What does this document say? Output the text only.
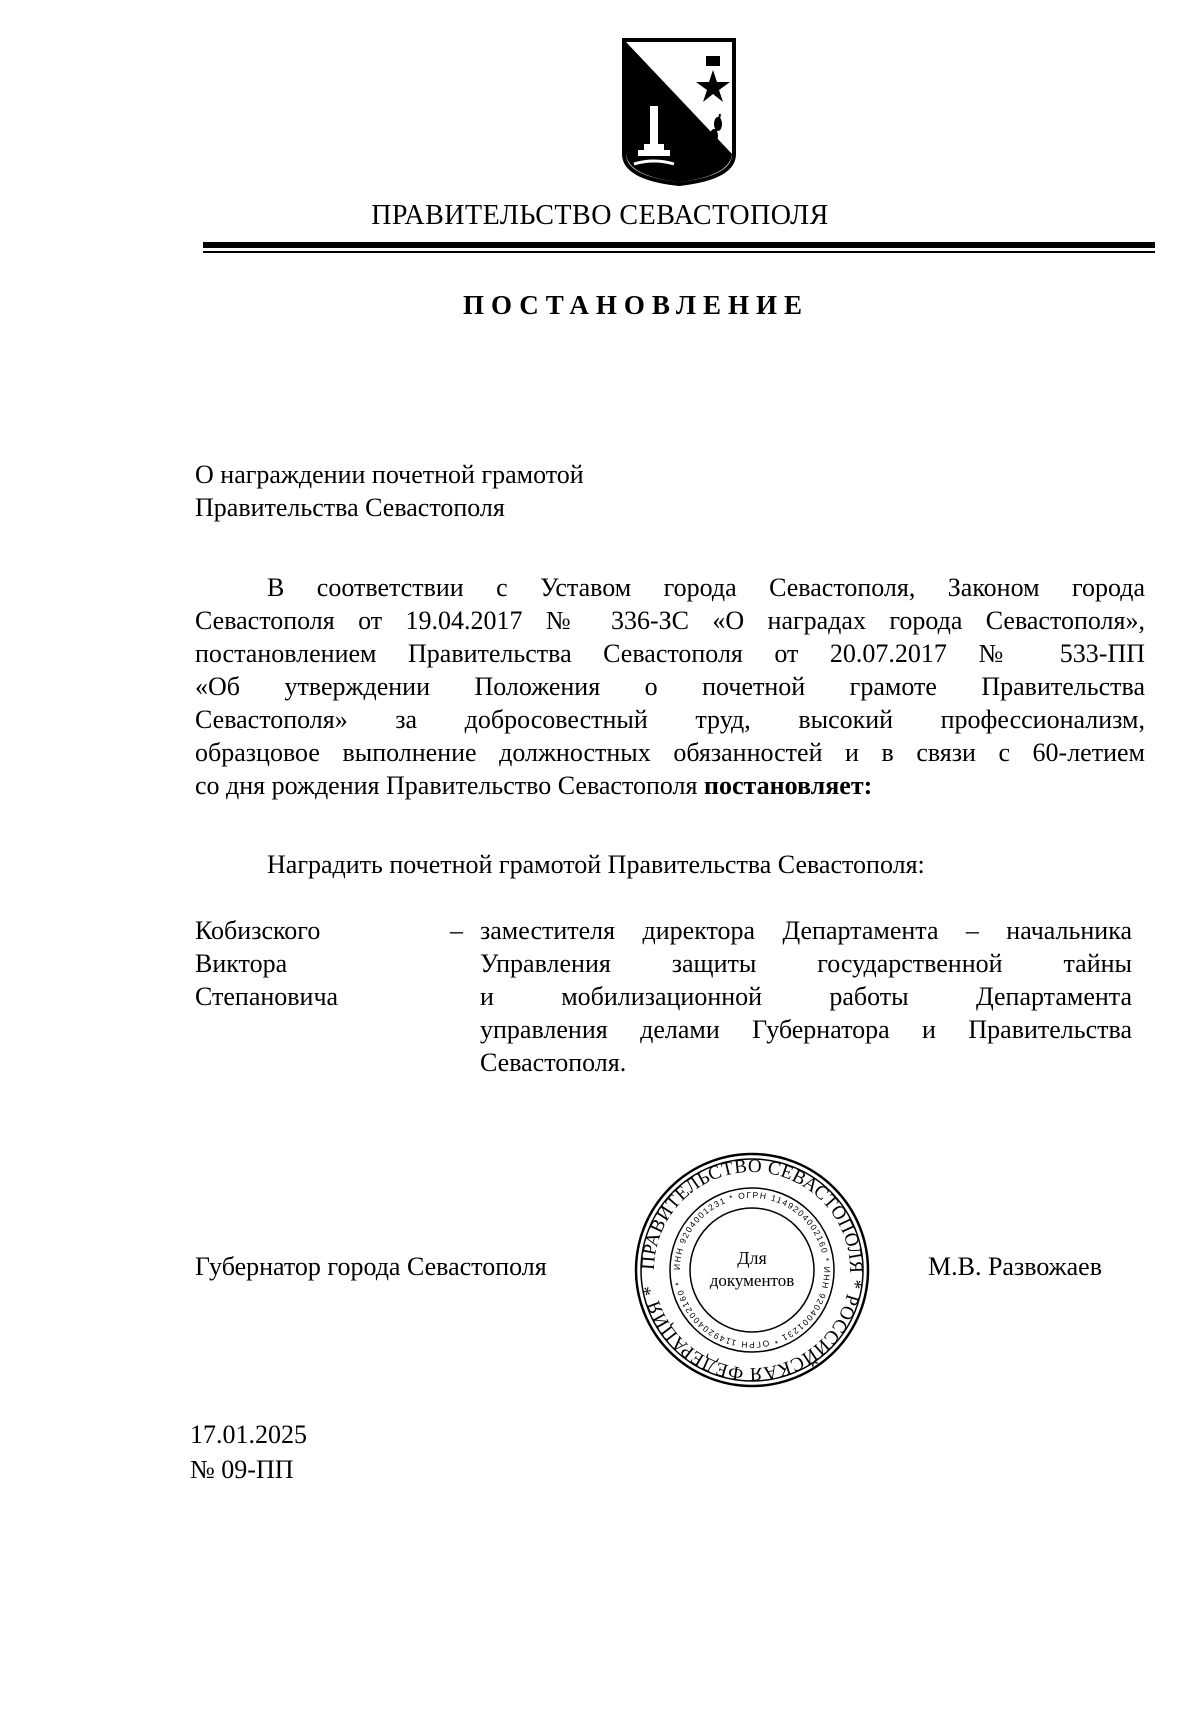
ПРАВИТЕЛЬСТВО СЕВАСТОПОЛЯ
ПОСТАНОВЛЕНИЕ
О награждении почетной грамотой
Правительства Севастополя
В соответствии с Уставом города Севастополя, Законом города
Севастополя от 19.04.2017 № 336-ЗС «О наградах города Севастополя»,
постановлением Правительства Севастополя от 20.07.2017 № 533-ПП
«Об утверждении Положения о почетной грамоте Правительства
Севастополя» за добросовестный труд, высокий профессионализм,
образцовое выполнение должностных обязанностей и в связи с 60-летием
со дня рождения Правительство Севастополя постановляет:
Наградить почетной грамотой Правительства Севастополя:
Кобизского
Виктора
Степановича
– заместителя директора Департамента – начальника
Управления защиты государственной тайны
и мобилизационной работы Департамента
управления делами Губернатора и Правительства
Севастополя.
Губернатор города Севастополя	ПРАВИТЕЛЬСТВО СЕВАСТОПОЛЯ * РОССИЙСКАЯ ФЕДЕРАЦИЯ *
ИНН 9204001231 * ОГРН 1149204002160 * ИНН 9204001231 * ОГРН 1149204002160 *
Для
документов	М.В. Развожаев
17.01.2025
№ 09-ПП
